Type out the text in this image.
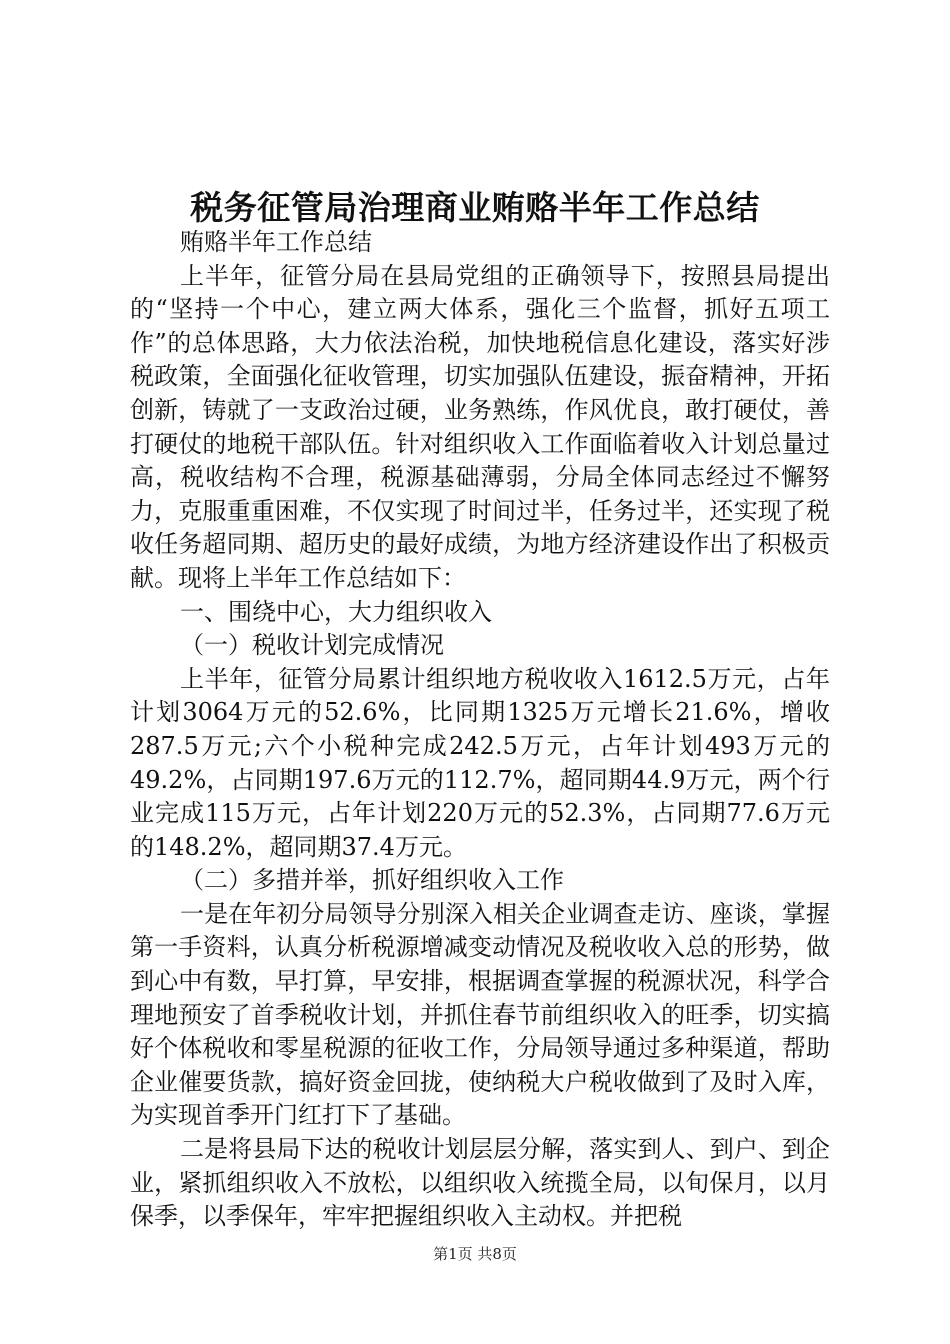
税务征管局治理商业贿赂半年工作总结

贿赂半年工作总结

上半年，征管分局在县局党组的正确领导下，按照县局提出的“坚持一个中心，建立两大体系，强化三个监督，抓好五项工作”的总体思路，大力依法治税，加快地税信息化建设，落实好涉税政策，全面强化征收管理，切实加强队伍建设，振奋精神，开拓创新，铸就了一支政治过硬，业务熟练，作风优良，敢打硬仗，善打硬仗的地税干部队伍。针对组织收入工作面临着收入计划总量过高，税收结构不合理，税源基础薄弱，分局全体同志经过不懈努力，克服重重困难，不仅实现了时间过半，任务过半，还实现了税收任务超同期、超历史的最好成绩，为地方经济建设作出了积极贡献。现将上半年工作总结如下：

一、围绕中心，大力组织收入

（一）税收计划完成情况

上半年，征管分局累计组织地方税收收入1612.5万元，占年计划3064万元的52.6%，比同期1325万元增长21.6%，增收287.5万元;六个小税种完成242.5万元，占年计划493万元的49.2%，占同期197.6万元的112.7%，超同期44.9万元，两个行业完成115万元，占年计划220万元的52.3%，占同期77.6万元的148.2%，超同期37.4万元。

（二）多措并举，抓好组织收入工作

一是在年初分局领导分别深入相关企业调查走访、座谈，掌握第一手资料，认真分析税源增减变动情况及税收收入总的形势，做到心中有数，早打算，早安排，根据调查掌握的税源状况，科学合理地预安了首季税收计划，并抓住春节前组织收入的旺季，切实搞好个体税收和零星税源的征收工作，分局领导通过多种渠道，帮助企业催要货款，搞好资金回拢，使纳税大户税收做到了及时入库，为实现首季开门红打下了基础。

二是将县局下达的税收计划层层分解，落实到人、到户、到企业，紧抓组织收入不放松，以组织收入统揽全局，以旬保月，以月保季，以季保年，牢牢把握组织收入主动权。并把税

第1页 共8页
